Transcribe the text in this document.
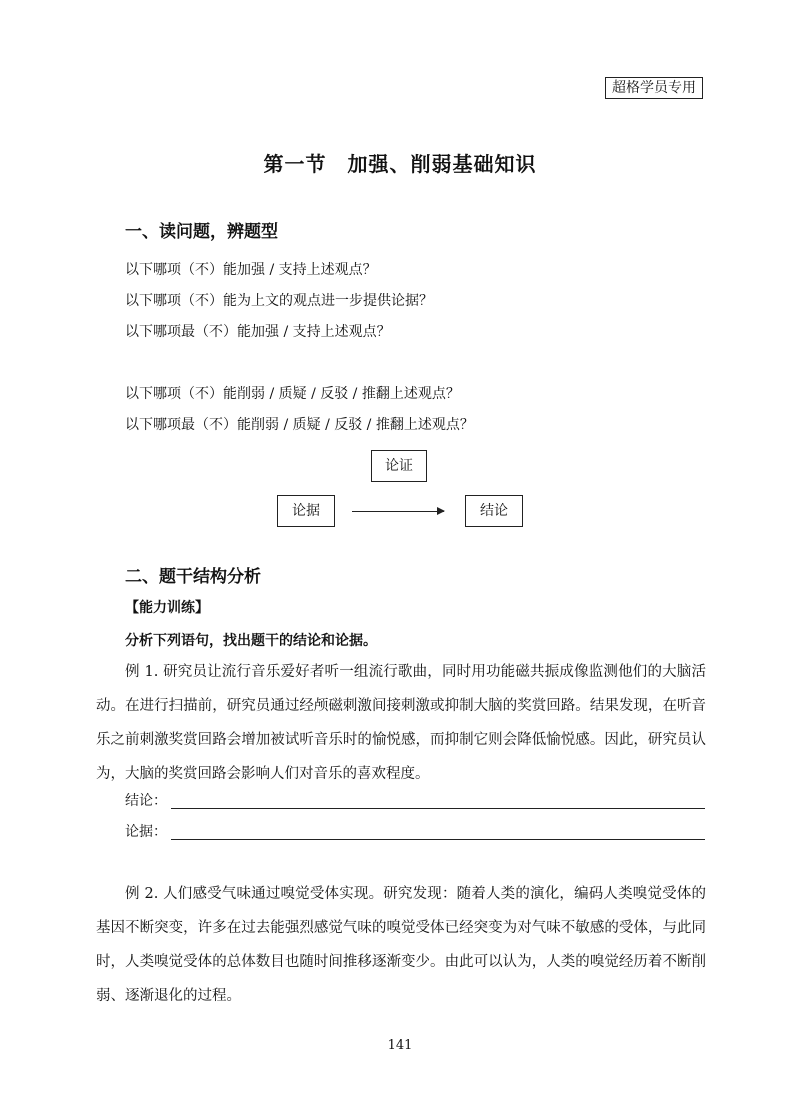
超格学员专用
第一节　加强、削弱基础知识
一、读问题，辨题型
以下哪项（不）能加强 / 支持上述观点？
以下哪项（不）能为上文的观点进一步提供论据？
以下哪项最（不）能加强 / 支持上述观点？
以下哪项（不）能削弱 / 质疑 / 反驳 / 推翻上述观点？
以下哪项最（不）能削弱 / 质疑 / 反驳 / 推翻上述观点？
论证
论据	结论
二、题干结构分析
【能力训练】
分析下列语句，找出题干的结论和论据。
例 1. 研究员让流行音乐爱好者听一组流行歌曲，同时用功能磁共振成像监测他们的大脑活动。在进行扫描前，研究员通过经颅磁刺激间接刺激或抑制大脑的奖赏回路。结果发现，在听音乐之前刺激奖赏回路会增加被试听音乐时的愉悦感，而抑制它则会降低愉悦感。因此，研究员认为，大脑的奖赏回路会影响人们对音乐的喜欢程度。
结论：
论据：
例 2. 人们感受气味通过嗅觉受体实现。研究发现：随着人类的演化，编码人类嗅觉受体的基因不断突变，许多在过去能强烈感觉气味的嗅觉受体已经突变为对气味不敏感的受体，与此同时，人类嗅觉受体的总体数目也随时间推移逐渐变少。由此可以认为，人类的嗅觉经历着不断削弱、逐渐退化的过程。
141
